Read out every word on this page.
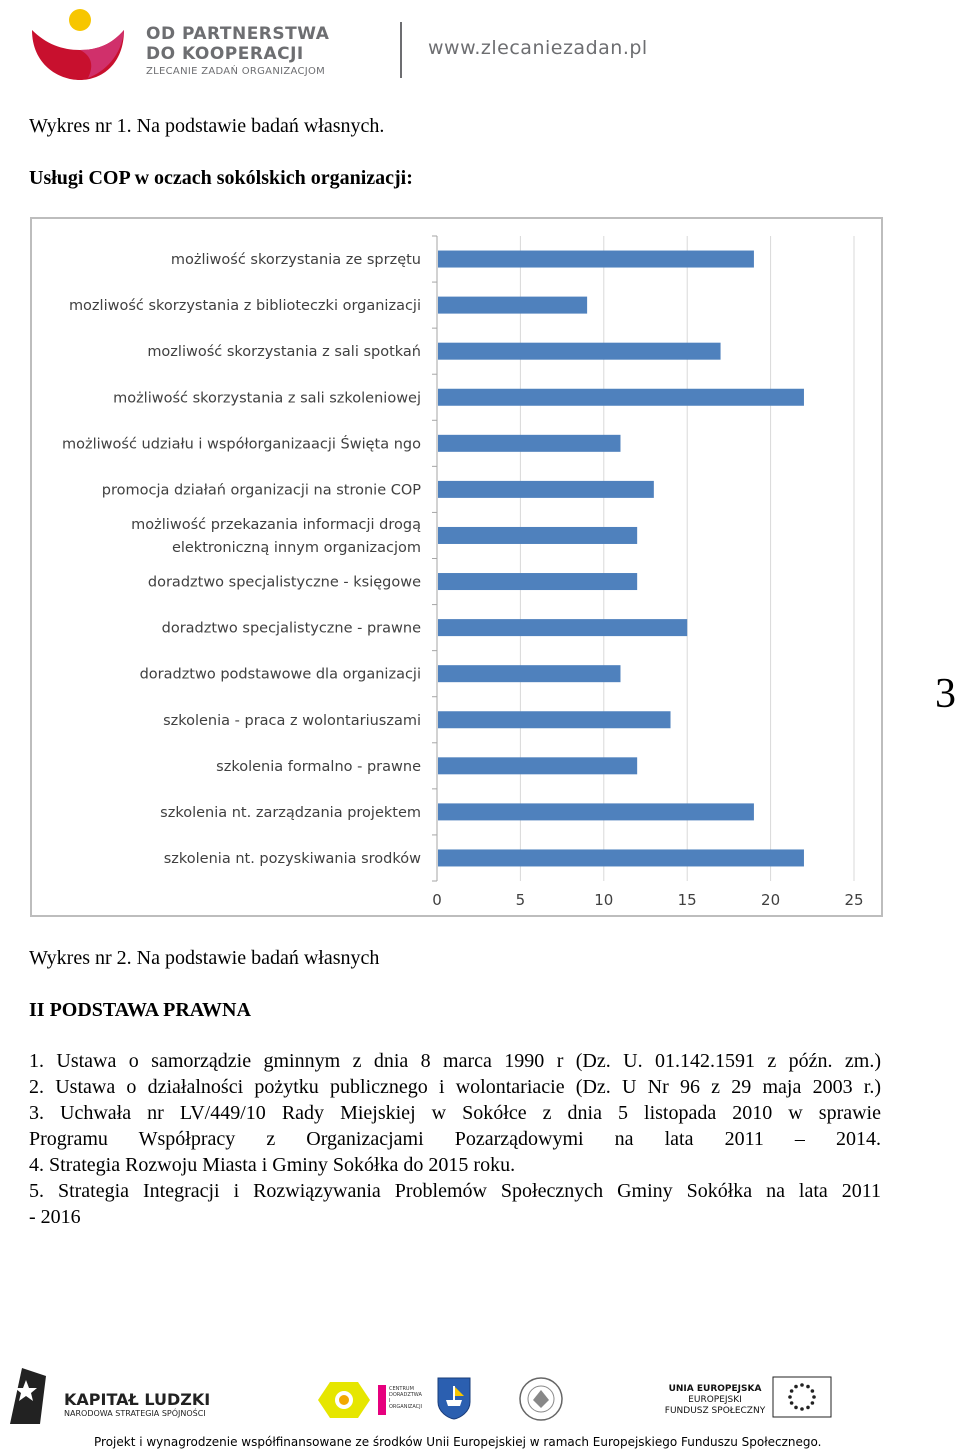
OD PARTNERSTWA
DO KOOPERACJI
ZLECANIE ZADAŃ ORGANIZACJOM
www.zlecaniezadan.pl
Wykres nr 1. Na podstawie badań własnych.
Usługi COP w oczach sokólskich organizacji:
możliwość skorzystania ze sprzętu
mozliwość skorzystania z biblioteczki organizacji
mozliwość skorzystania z sali spotkań
możliwość skorzystania z sali szkoleniowej
możliwość udziału i współorganizaacji Święta ngo
promocja działań organizacji na stronie COP
możliwość przekazania informacji drogą
elektroniczną innym organizacjom
doradztwo specjalistyczne - księgowe
doradztwo specjalistyczne - prawne
doradztwo podstawowe dla organizacji
szkolenia - praca z wolontariuszami
szkolenia formalno - prawne
szkolenia nt. zarządzania projektem
szkolenia nt. pozyskiwania srodków
0	5	10	15	20	25
3
Wykres nr 2. Na podstawie badań własnych
II PODSTAWA PRAWNA
1. Ustawa o samorządzie gminnym z dnia 8 marca 1990 r (Dz. U. 01.142.1591 z późn. zm.)
2. Ustawa o działalności pożytku publicznego i wolontariacie (Dz. U Nr 96 z 29 maja 2003 r.)
3. Uchwała nr LV/449/10 Rady Miejskiej w Sokółce z dnia 5 listopada 2010 w sprawie
Programu Współpracy z Organizacjami Pozarządowymi na lata 2011 – 2014.
4. Strategia Rozwoju Miasta i Gminy Sokółka do 2015 roku.
5. Strategia Integracji i Rozwiązywania Problemów Społecznych Gminy Sokółka na lata 2011
- 2016
KAPITAŁ LUDZKI
NARODOWA STRATEGIA SPÓJNOŚCI
CENTRUM DORADZTWA I ORGANIZACJI
UNIA EUROPEJSKA
EUROPEJSKI
FUNDUSZ SPOŁECZNY
Projekt i wynagrodzenie współfinansowane ze środków Unii Europejskiej w ramach Europejskiego Funduszu Społecznego.
